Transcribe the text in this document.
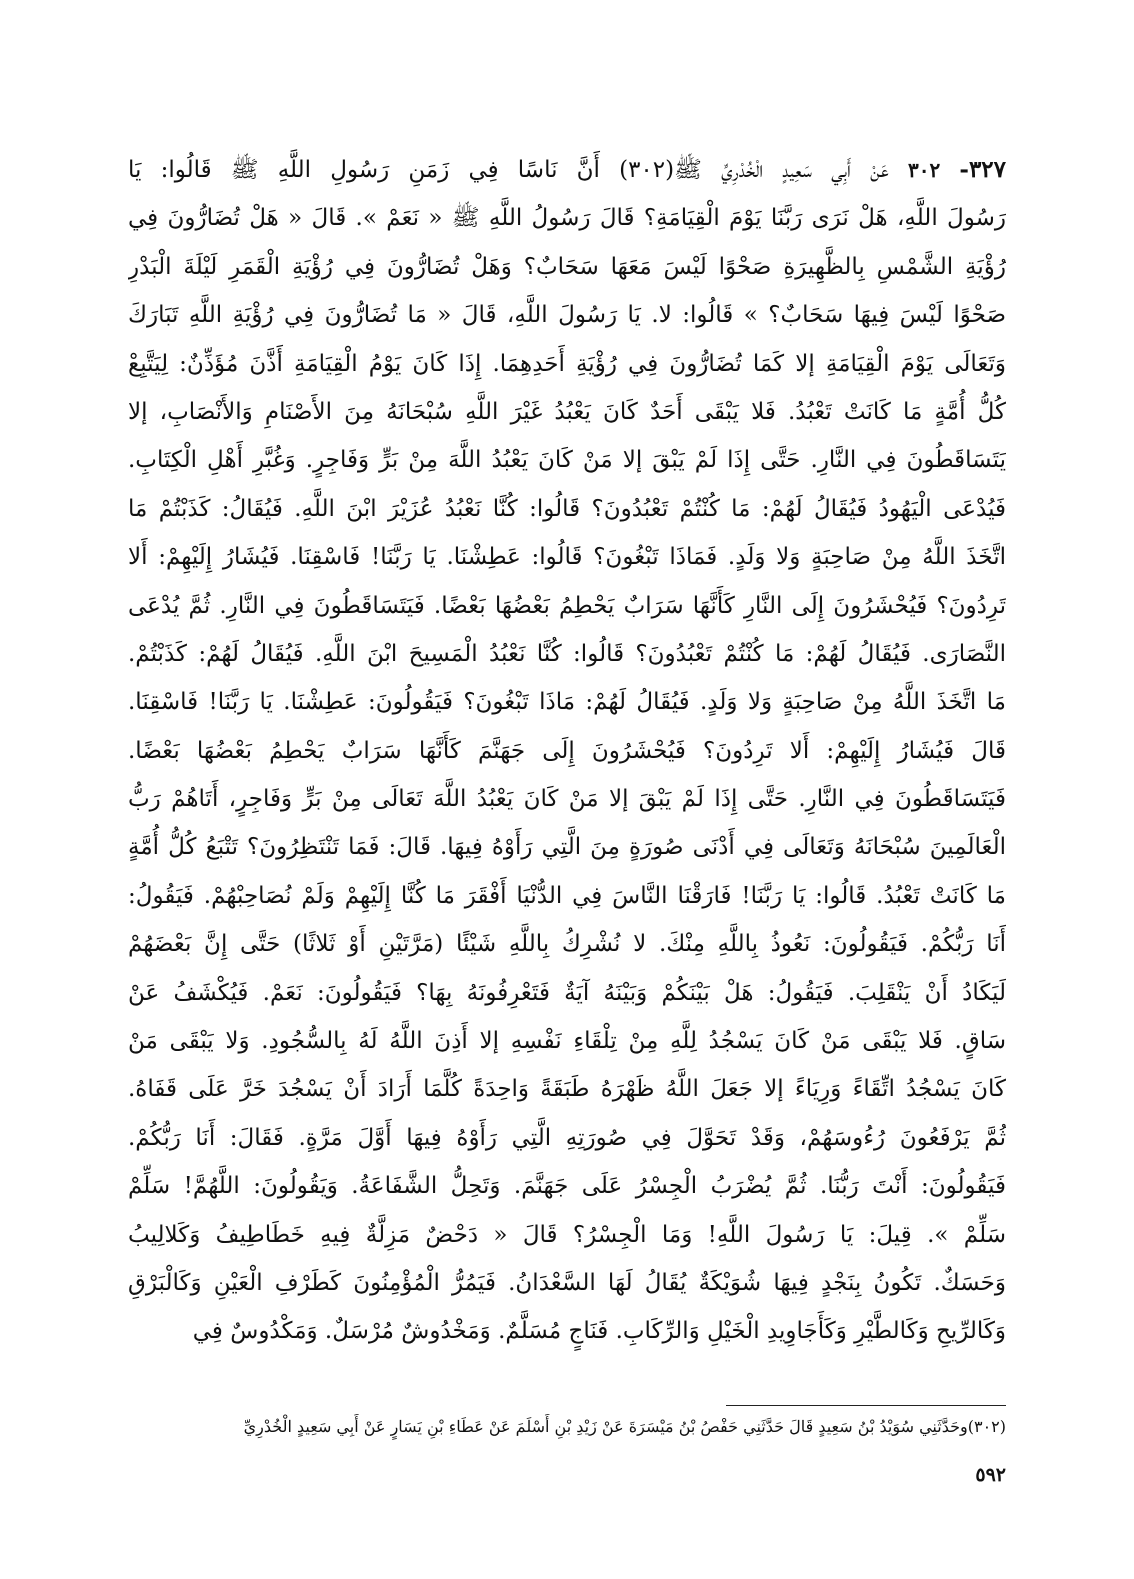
٣٢٧- ٣٠٢ عَنْ أَبِي سَعِيدٍ الْخُدْرِيِّ ﷺ(٣٠٢) أَنَّ نَاسًا فِي زَمَنِ رَسُولِ اللَّهِ ﷺ قَالُوا: يَا
رَسُولَ اللَّهِ، هَلْ نَرَى رَبَّنَا يَوْمَ الْقِيَامَةِ؟ قَالَ رَسُولُ اللَّهِ ﷺ « نَعَمْ ». قَالَ « هَلْ تُضَارُّونَ فِي
رُؤْيَةِ الشَّمْسِ بِالظَّهِيرَةِ صَحْوًا لَيْسَ مَعَهَا سَحَابٌ؟ وَهَلْ تُضَارُّونَ فِي رُؤْيَةِ الْقَمَرِ لَيْلَةَ الْبَدْرِ
صَحْوًا لَيْسَ فِيهَا سَحَابٌ؟ » قَالُوا: لا. يَا رَسُولَ اللَّهِ، قَالَ « مَا تُضَارُّونَ فِي رُؤْيَةِ اللَّهِ تَبَارَكَ
وَتَعَالَى يَوْمَ الْقِيَامَةِ إلا كَمَا تُضَارُّونَ فِي رُؤْيَةِ أَحَدِهِمَا. إِذَا كَانَ يَوْمُ الْقِيَامَةِ أَذَّنَ مُؤَذِّنٌ: لِيَتَّبِعْ
كُلُّ أُمَّةٍ مَا كَانَتْ تَعْبُدُ. فَلا يَبْقَى أَحَدٌ كَانَ يَعْبُدُ غَيْرَ اللَّهِ سُبْحَانَهُ مِنَ الأَصْنَامِ وَالأَنْصَابِ، إلا
يَتَسَاقَطُونَ فِي النَّارِ. حَتَّى إِذَا لَمْ يَبْقَ إلا مَنْ كَانَ يَعْبُدُ اللَّهَ مِنْ بَرٍّ وَفَاجِرٍ. وَغُبَّرِ أَهْلِ الْكِتَابِ.
فَيُدْعَى الْيَهُودُ فَيُقَالُ لَهُمْ: مَا كُنْتُمْ تَعْبُدُونَ؟ قَالُوا: كُنَّا نَعْبُدُ عُزَيْرَ ابْنَ اللَّهِ. فَيُقَالُ: كَذَبْتُمْ مَا
اتَّخَذَ اللَّهُ مِنْ صَاحِبَةٍ وَلا وَلَدٍ. فَمَاذَا تَبْغُونَ؟ قَالُوا: عَطِشْنَا. يَا رَبَّنَا! فَاسْقِنَا. فَيُشَارُ إِلَيْهِمْ: أَلا
تَرِدُونَ؟ فَيُحْشَرُونَ إِلَى النَّارِ كَأَنَّهَا سَرَابٌ يَحْطِمُ بَعْضُهَا بَعْضًا. فَيَتَسَاقَطُونَ فِي النَّارِ. ثُمَّ يُدْعَى
النَّصَارَى. فَيُقَالُ لَهُمْ: مَا كُنْتُمْ تَعْبُدُونَ؟ قَالُوا: كُنَّا نَعْبُدُ الْمَسِيحَ ابْنَ اللَّهِ. فَيُقَالُ لَهُمْ: كَذَبْتُمْ.
مَا اتَّخَذَ اللَّهُ مِنْ صَاحِبَةٍ وَلا وَلَدٍ. فَيُقَالُ لَهُمْ: مَاذَا تَبْغُونَ؟ فَيَقُولُونَ: عَطِشْنَا. يَا رَبَّنَا! فَاسْقِنَا.
قَالَ فَيُشَارُ إِلَيْهِمْ: أَلا تَرِدُونَ؟ فَيُحْشَرُونَ إِلَى جَهَنَّمَ كَأَنَّهَا سَرَابٌ يَحْطِمُ بَعْضُهَا بَعْضًا.
فَيَتَسَاقَطُونَ فِي النَّارِ. حَتَّى إِذَا لَمْ يَبْقَ إلا مَنْ كَانَ يَعْبُدُ اللَّهَ تَعَالَى مِنْ بَرٍّ وَفَاجِرٍ، أَتَاهُمْ رَبُّ
الْعَالَمِينَ سُبْحَانَهُ وَتَعَالَى فِي أَدْنَى صُورَةٍ مِنَ الَّتِي رَأَوْهُ فِيهَا. قَالَ: فَمَا تَنْتَظِرُونَ؟ تَتْبَعُ كُلُّ أُمَّةٍ
مَا كَانَتْ تَعْبُدُ. قَالُوا: يَا رَبَّنَا! فَارَقْنَا النَّاسَ فِي الدُّنْيَا أَفْقَرَ مَا كُنَّا إِلَيْهِمْ وَلَمْ نُصَاحِبْهُمْ. فَيَقُولُ:
أَنَا رَبُّكُمْ. فَيَقُولُونَ: نَعُوذُ بِاللَّهِ مِنْكَ. لا نُشْرِكُ بِاللَّهِ شَيْئًا (مَرَّتَيْنِ أَوْ ثَلاثًا) حَتَّى إِنَّ بَعْضَهُمْ
لَيَكَادُ أَنْ يَنْقَلِبَ. فَيَقُولُ: هَلْ بَيْنَكُمْ وَبَيْنَهُ آيَةٌ فَتَعْرِفُونَهُ بِهَا؟ فَيَقُولُونَ: نَعَمْ. فَيُكْشَفُ عَنْ
سَاقٍ. فَلا يَبْقَى مَنْ كَانَ يَسْجُدُ لِلَّهِ مِنْ تِلْقَاءِ نَفْسِهِ إلا أَذِنَ اللَّهُ لَهُ بِالسُّجُودِ. وَلا يَبْقَى مَنْ
كَانَ يَسْجُدُ اتِّقَاءً وَرِيَاءً إلا جَعَلَ اللَّهُ ظَهْرَهُ طَبَقَةً وَاحِدَةً كُلَّمَا أَرَادَ أَنْ يَسْجُدَ خَرَّ عَلَى قَفَاهُ.
ثُمَّ يَرْفَعُونَ رُءُوسَهُمْ، وَقَدْ تَحَوَّلَ فِي صُورَتِهِ الَّتِي رَأَوْهُ فِيهَا أَوَّلَ مَرَّةٍ. فَقَالَ: أَنَا رَبُّكُمْ.
فَيَقُولُونَ: أَنْتَ رَبُّنَا. ثُمَّ يُضْرَبُ الْجِسْرُ عَلَى جَهَنَّمَ. وَتَحِلُّ الشَّفَاعَةُ. وَيَقُولُونَ: اللَّهُمَّ! سَلِّمْ
سَلِّمْ ». قِيلَ: يَا رَسُولَ اللَّهِ! وَمَا الْجِسْرُ؟ قَالَ « دَحْضٌ مَزِلَّةٌ فِيهِ خَطَاطِيفُ وَكَلالِيبُ
وَحَسَكٌ. تَكُونُ بِنَجْدٍ فِيهَا شُوَيْكَةٌ يُقَالُ لَهَا السَّعْدَانُ. فَيَمُرُّ الْمُؤْمِنُونَ كَطَرْفِ الْعَيْنِ وَكَالْبَرْقِ
وَكَالرِّيحِ وَكَالطَّيْرِ وَكَأَجَاوِيدِ الْخَيْلِ وَالرِّكَابِ. فَنَاجٍ مُسَلَّمٌ. وَمَخْدُوشٌ مُرْسَلٌ. وَمَكْدُوسٌ فِي

(٣٠٢)وحَدَّثَنِي سُوَيْدُ بْنُ سَعِيدٍ قَالَ حَدَّثَنِي حَفْصُ بْنُ مَيْسَرَةَ عَنْ زَيْدِ بْنِ أَسْلَمَ عَنْ عَطَاءِ بْنِ يَسَارٍ عَنْ أَبِي سَعِيدٍ الْخُدْرِيِّ

٥٩٢
